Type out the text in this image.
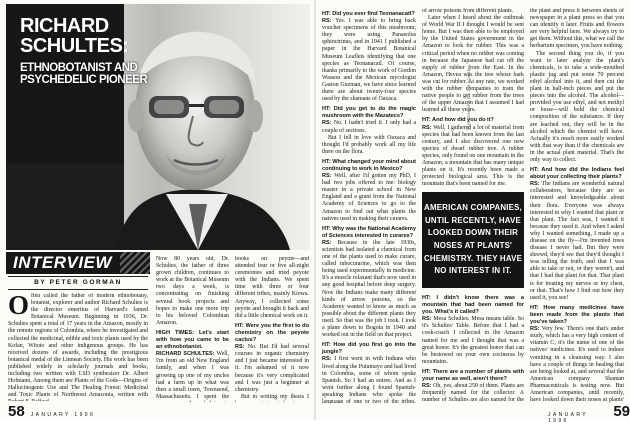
RICHARD SCHULTES:
ETHNOBOTANIST AND PSYCHEDELIC PIONEER
DR. RICHARD SCHULTES AT 80.
INTERVIEW

BY PETER GORMAN

Often called the father of modern ethnobotany, botanist, explorer and author Richard Schultes is the director emeritus of Harvard's famed Botanical Museum. Beginning in 1936, Dr. Schultes spent a total of 17 years in the Amazon, mostly in the remote regions of Colombia, where he investigated and collected the medicinal, edible and toxic plants used by the Kofan, Witoto and other indigenous groups. He has received dozens of awards, including the prestigious botanical medal of the Linnean Society. His work has been published widely in scholarly journals and books, including two written with LSD synthesizer Dr. Albert Hofmann, Among them are Plants of the Gods—Origins of Hallucinogenic Use and The Healing Forest: Medicinal and Toxic Plants of Northwest Amazonia, written with

Now 80 years old, Dr. Schultes, the father of three grown children, continues to work at the Botanical Museum two days a week, is concentrating on finishing several book projects and hopes to make one more trip to his beloved Colombian Amazon.

HIGH TIMES: Let's start with how you came to be an ethnobotanist.

RICHARD SCHULTES: Well, I'm from an old New England family, and when I was growing up one of my uncles had a farm up in what was then a small town, Townsend, Massachusetts. I spent the

books on peyote—and attended four or five all-night ceremonies and tried peyote with the Indians. We spent time with three or four different tribes, mainly Kiowa. Anyway, I collected some peyote and brought it back and did a little chemical work on it.

HT: Were you the first to do chemistry on the peyote cactus?

RS: No. But I'd had several courses in organic chemistry and I just became interested in it. I'm ashamed of it now because it's very complicated and I was just a beginner at chemistry.

But in writing my thesis I

58 JANUARY 1996

HT: Did you ever find Teonanacatl?

RS: Yes. I was able to bring back voucher specimens of this mushroom; they were using Panaeolus sphinctrinus, and in 1941 I published a paper in the Harvard Botanical Museum Leaflets identifying that one species as Teonanacatl. Of course, thanks primarily to the work of Gordon Wasson and the Mexican mycologist Gaston Guzman, we have since learned there are about twenty-four species used by the shamans of Oaxaca.

HT: Did you get to do the magic mushroom with the Mazatecs?

RS: No. I hadn't tried it. I only had a couple of sections.

But I fell in love with Oaxaca and thought I'd probably work all my life there on the flora.

HT: What changed your mind about continuing to work in Mexico?

RS: Well, after I'd gotten my PhD, I had two jobs offered to me: biology master in a private school in New England and a grant from the National Academy of Sciences to go to the Amazon to find out what plants the natives used in making their curares.

HT: Why was the National Academy of Sciences interested in curares?

RS: Because in the late 1930s, scientists had isolated a chemical from one of the plants used to make curare, called tubocurarine, which was then being used experimentally in medicine. It's a muscle relaxant that's now used in any good hospital before deep surgery. Now the Indians make many different kinds of arrow poisons, so the Academy wanted to know as much as possible about the different plants they used. So that was the job I took. I took a plane down to Bogota in 1940 and worked out in the field on that project.

HT: How did you first go into the jungle?

RS: I first went in with Indians who lived along the Putumayo and had lived in Colombia, some of whom spoke Spanish. So I had an entree. And as I went further along I found Spanish-speaking Indians who spoke the language of one or two of the tribes,

of arrow poisons from different plants.

Later when I heard about the outbreak of World War II I thought I would be sent home. But I was then able to be employed by the United States government in the Amazon to look for rubber. This was a critical period when no rubber was coming in because the Japanese had cut off the supply of rubber from the East. In the Amazon, Hevea was the tree whose bark was cut for rubber. At any rate, we worked with the rubber companies to train the native people to get rubber from the trees of the upper Amazon that I assumed I had learned all these years.

HT: And how did you do it?

RS: Well, I gathered a lot of material from species that had been known from the last century, and I also discovered one new species of dwarf rubber tree. A rubber species, only found on one mountain in the Amazon, a mountain that has many unique plants on it. It's recently been made a protected biological area. This is the mountain that's been named for me.

AMERICAN COMPANIES, UNTIL RECENTLY, HAVE LOOKED DOWN THEIR NOSES AT PLANTS' CHEMISTRY. THEY HAVE NO INTEREST IN IT.

HT: I didn't know there was a mountain that had been named for you. What's it called?

RS: Mesa Schultes. Mesa means table. So it's Schultes' Table. Before that I had a cook-coach I collected in the Amazon named for me and I thought that was a great honor. It's the greatest honor that can be bestowed on your own cocineras by mountains.

HT: There are a number of plants with your name as well, aren't there?

RS: Oh, yes, about 250 of them. Plants are frequently named for the collector. A number of Schultes are also named for the

the plant and press it between sheets of newspaper in a plant press so that you can identify it later. Fruits and flowers are very helpful here. We always try to get them. Without this, what we call the herbarium specimen, you have nothing.

The second thing you do, if you want to later analyze the plant's chemicals, is to take a wide-mouthed plastic jug and put some 70 percent ethyl alcohol into it, and then cut the plant in half-inch pieces and put the pieces into the alcohol. The alcohol—provided you use ethyl, and not methyl or loose—will hold the chemical composition of the substance. If they are leached out, they will be in the alcohol which the chemist will have. Actually it's much more easily worked with that way than if the chemicals are in the actual plant material. That's the only way to collect.

HT: And how did the Indians feel about your collecting their plants?

RS: The Indians are wonderful natural collaborators, because they are so interested and knowledgeable about their flora. Everyone was always interested in why I wanted that plant or that plant. The fact was, I wanted it because they used it. And when I asked why I wanted something, I made up a disease on the fly—I'm invented trees disease I never had. But they were shrewd, they'd see that they'd thought I was telling the truth, and that I was able to take or not, or they weren't, and that I had that plant for that. That plant is for treating my nerves or my chest, or that. That's how I find out how they used it, you see!

HT: How many medicines have been made from the plants that you've taken?

RS: Very few. There's one that's under study, which has a very high content of vitamin C; it's the name of one of the natives' medicines. It's used to induce vomiting in a cleansing way. I also have a couple of things in healing that are being looked at, and several that the American company Shaman Pharmaceuticals is testing now. But American companies, until recently, have looked down their noses at plants'

PHOTOGRAPH BY TIM LOGAN
JANUARY 1996
59
